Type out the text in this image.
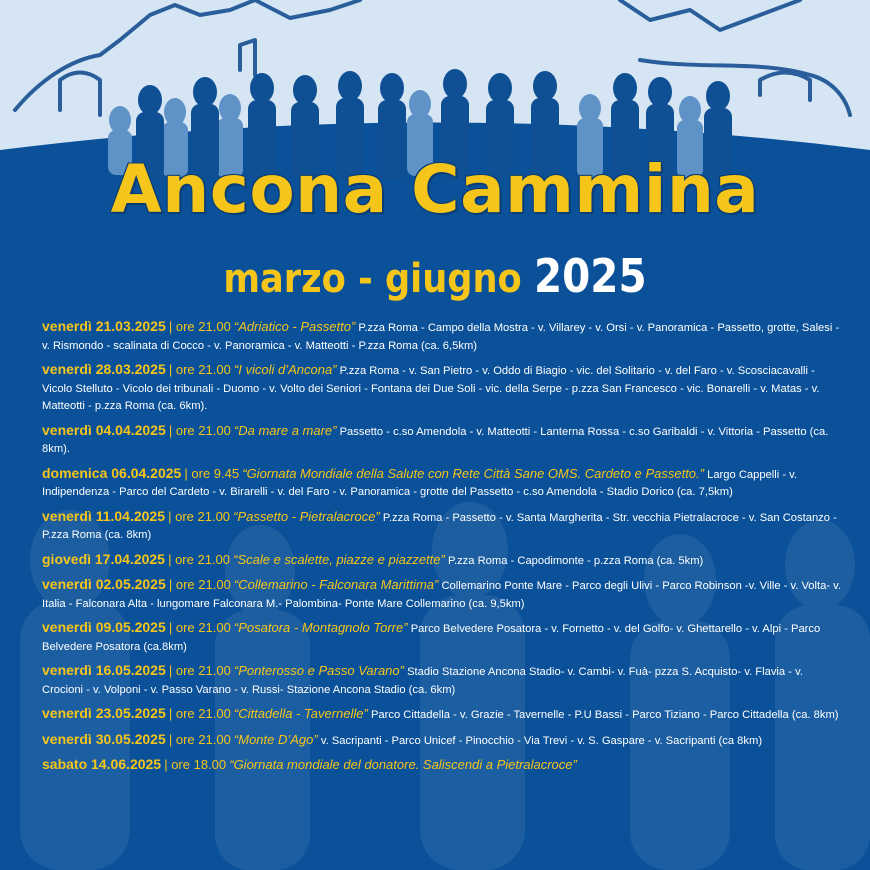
Ancona Cammina
marzo - giugno 2025
venerdì 21.03.2025 | ore 21.00 “Adriatico - Passetto” P.zza Roma - Campo della Mostra - v. Villarey - v. Orsi - v. Panoramica - Passetto, grotte, Salesi - v. Rismondo - scalinata di Cocco - v. Panoramica - v. Matteotti - P.zza Roma (ca. 6,5km)
venerdì 28.03.2025 | ore 21.00 “I vicoli d’Ancona” P.zza Roma - v. San Pietro - v. Oddo di Biagio - vic. del Solitario - v. del Faro - v. Scosciacavalli - Vicolo Stelluto - Vicolo dei tribunali - Duomo - v. Volto dei Seniori - Fontana dei Due Soli - vic. della Serpe - p.zza San Francesco - vic. Bonarelli - v. Matas - v. Matteotti - p.zza Roma (ca. 6km).
venerdì 04.04.2025 | ore 21.00 “Da mare a mare” Passetto - c.so Amendola - v. Matteotti - Lanterna Rossa - c.so Garibaldi - v. Vittoria - Passetto (ca. 8km).
domenica 06.04.2025 | ore 9.45 “Giornata Mondiale della Salute con Rete Città Sane OMS. Cardeto e Passetto.” Largo Cappelli - v. Indipendenza - Parco del Cardeto - v. Birarelli - v. del Faro - v. Panoramica - grotte del Passetto - c.so Amendola - Stadio Dorico (ca. 7,5km)
venerdì 11.04.2025 | ore 21.00 “Passetto - Pietralacroce” P.zza Roma - Passetto - v. Santa Margherita - Str. vecchia Pietralacroce - v. San Costanzo - P.zza Roma (ca. 8km)
giovedì 17.04.2025 | ore 21.00 “Scale e scalette, piazze e piazzette” P.zza Roma - Capodimonte - p.zza Roma (ca. 5km)
venerdì 02.05.2025 | ore 21.00 “Collemarino - Falconara Marittima” Collemarino Ponte Mare - Parco degli Ulivi - Parco Robinson -v. Ville - v. Volta- v. Italia - Falconara Alta - lungomare Falconara M.- Palombina- Ponte Mare Collemarino (ca. 9,5km)
venerdì 09.05.2025 | ore 21.00 “Posatora - Montagnolo Torre” Parco Belvedere Posatora - v. Fornetto - v. del Golfo- v. Ghettarello - v. Alpi - Parco Belvedere Posatora (ca.8km)
venerdì 16.05.2025 | ore 21.00 “Ponterosso e Passo Varano” Stadio Stazione Ancona Stadio- v. Cambi- v. Fuà- pzza S. Acquisto- v. Flavia - v. Crocioni - v. Volponi - v. Passo Varano - v. Russi- Stazione Ancona Stadio (ca. 6km)
venerdì 23.05.2025 | ore 21.00 “Cittadella - Tavernelle” Parco Cittadella - v. Grazie - Tavernelle - P.U Bassi - Parco Tiziano - Parco Cittadella (ca. 8km)
venerdì 30.05.2025 | ore 21.00 “Monte D’Ago” v. Sacripanti - Parco Unicef - Pinocchio - Via Trevi - v. S. Gaspare - v. Sacripanti (ca 8km)
sabato 14.06.2025 | ore 18.00 “Giornata mondiale del donatore. Saliscendi a Pietralacroce”
